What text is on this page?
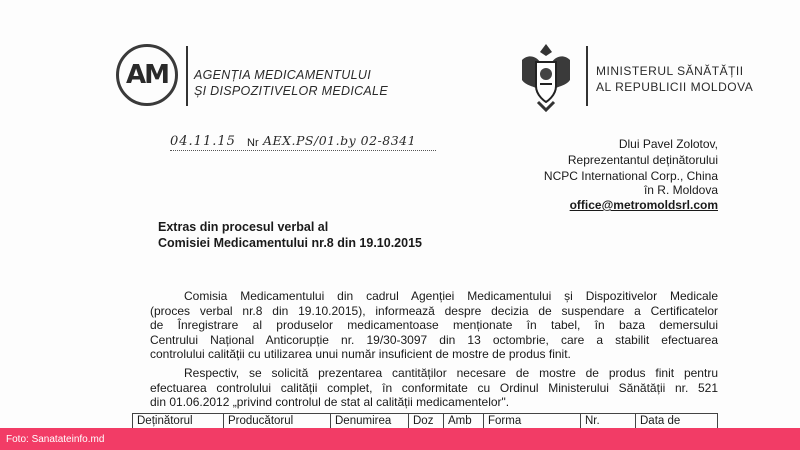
AM	AGENȚIA MEDICAMENTULUI
ȘI DISPOZITIVELOR MEDICALE
MINISTERUL SĂNĂTĂȚII
AL REPUBLICII MOLDOVA
04.11.15 Nr AEX.PS/01.by 02-8341	Dlui Pavel Zolotov,
Reprezentantul deținătorului
NCPC International Corp., China
în R. Moldova
office@metromoldsrl.com
Extras din procesul verbal al
Comisiei Medicamentului nr.8 din 19.10.2015
Comisia Medicamentului din cadrul Agenției Medicamentului și Dispozitivelor Medicale
(proces verbal nr.8 din 19.10.2015), informează despre decizia de suspendare a Certificatelor
de Înregistrare al produselor medicamentoase menționate în tabel, în baza demersului
Centrului Național Anticorupție nr. 19/30-3097 din 13 octombrie, care a stabilit efectuarea
controlului calității cu utilizarea unui număr insuficient de mostre de produs finit.
Respectiv, se solicită prezentarea cantităților necesare de mostre de produs finit pentru
efectuarea controlului calității complet, în conformitate cu Ordinul Ministerului Sănătății nr. 521
din 01.06.2012 „privind controlul de stat al calității medicamentelor".
Deținătorul	Producătorul	Denumirea	Doz	Amb	Forma	Nr.	Data de

Foto: Sanatateinfo.md
